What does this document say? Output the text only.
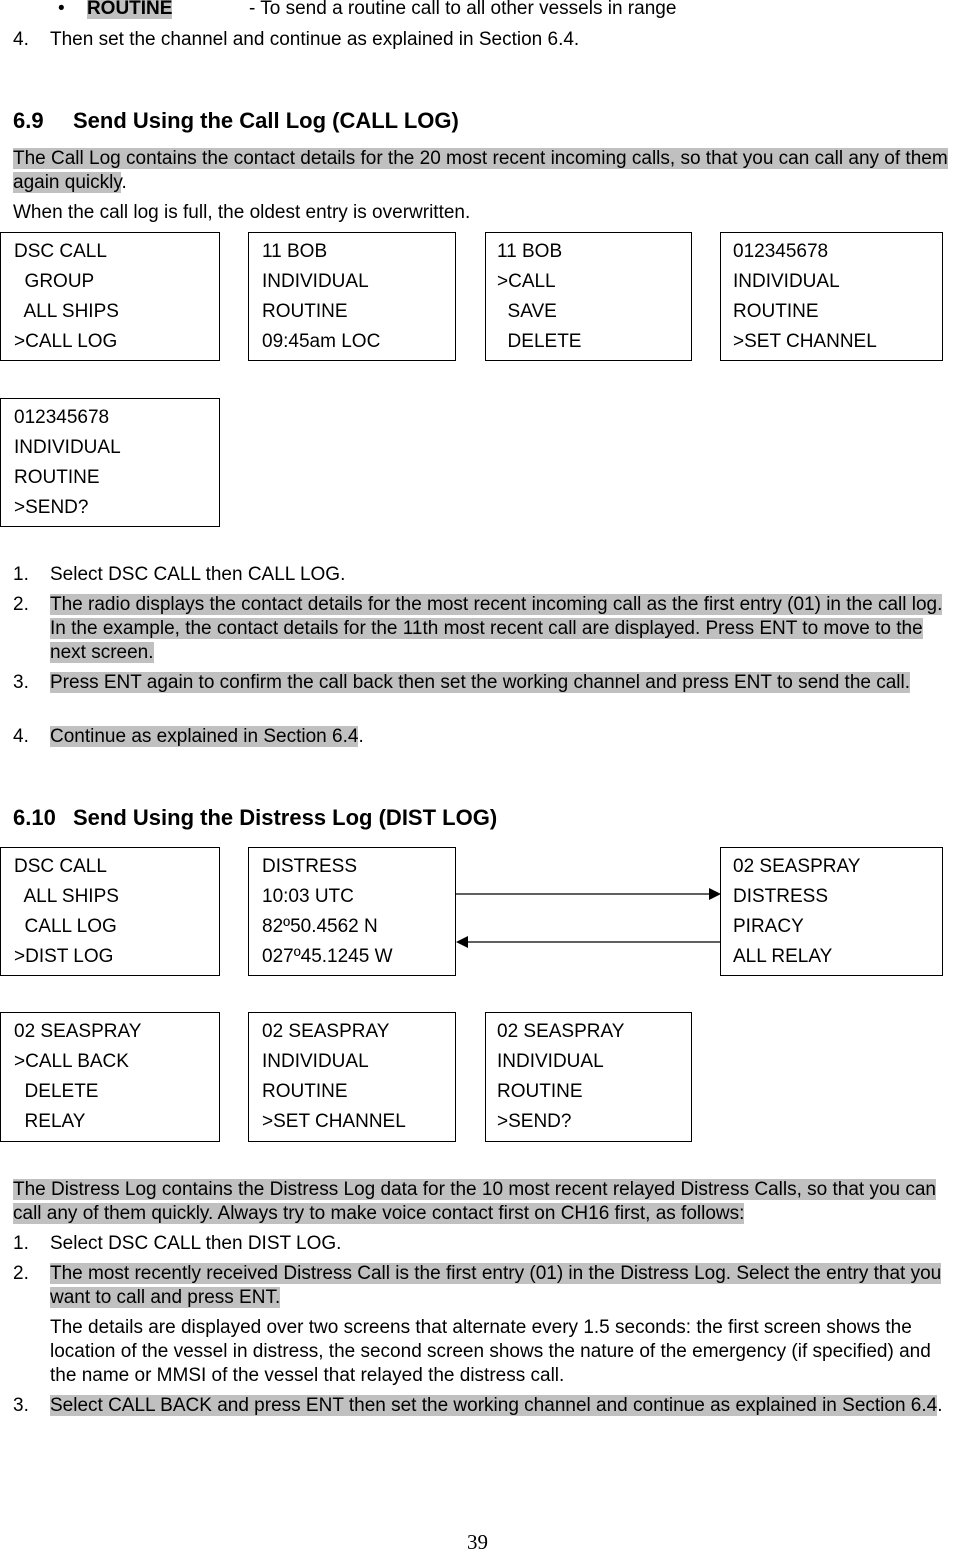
• ROUTINE	- To send a routine call to all other vessels in range
4. Then set the channel and continue as explained in Section 6.4.
6.9 Send Using the Call Log (CALL LOG)
The Call Log contains the contact details for the 20 most recent incoming calls, so that you can call any of them again quickly.
When the call log is full, the oldest entry is overwritten.
DSC CALL
GROUP
ALL SHIPS
>CALL LOG
11 BOB
INDIVIDUAL
ROUTINE
09:45am LOC
11 BOB
>CALL
SAVE
DELETE
012345678
INDIVIDUAL
ROUTINE
>SET CHANNEL
012345678
INDIVIDUAL
ROUTINE
>SEND?
1. Select DSC CALL then CALL LOG.
2. The radio displays the contact details for the most recent incoming call as the first entry (01) in the call log. In the example, the contact details for the 11th most recent call are displayed. Press ENT to move to the next screen.
3. Press ENT again to confirm the call back then set the working channel and press ENT to send the call.
4. Continue as explained in Section 6.4.
6.10 Send Using the Distress Log (DIST LOG)
DSC CALL
ALL SHIPS
CALL LOG
>DIST LOG
DISTRESS
10:03 UTC
82º50.4562 N
027º45.1245 W
02 SEASPRAY
DISTRESS
PIRACY
ALL RELAY
02 SEASPRAY
>CALL BACK
DELETE
RELAY
02 SEASPRAY
INDIVIDUAL
ROUTINE
>SET CHANNEL
02 SEASPRAY
INDIVIDUAL
ROUTINE
>SEND?
The Distress Log contains the Distress Log data for the 10 most recent relayed Distress Calls, so that you can call any of them quickly. Always try to make voice contact first on CH16 first, as follows:
1. Select DSC CALL then DIST LOG.
2. The most recently received Distress Call is the first entry (01) in the Distress Log. Select the entry that you want to call and press ENT.
The details are displayed over two screens that alternate every 1.5 seconds: the first screen shows the location of the vessel in distress, the second screen shows the nature of the emergency (if specified) and the name or MMSI of the vessel that relayed the distress call.
3. Select CALL BACK and press ENT then set the working channel and continue as explained in Section 6.4.
39
